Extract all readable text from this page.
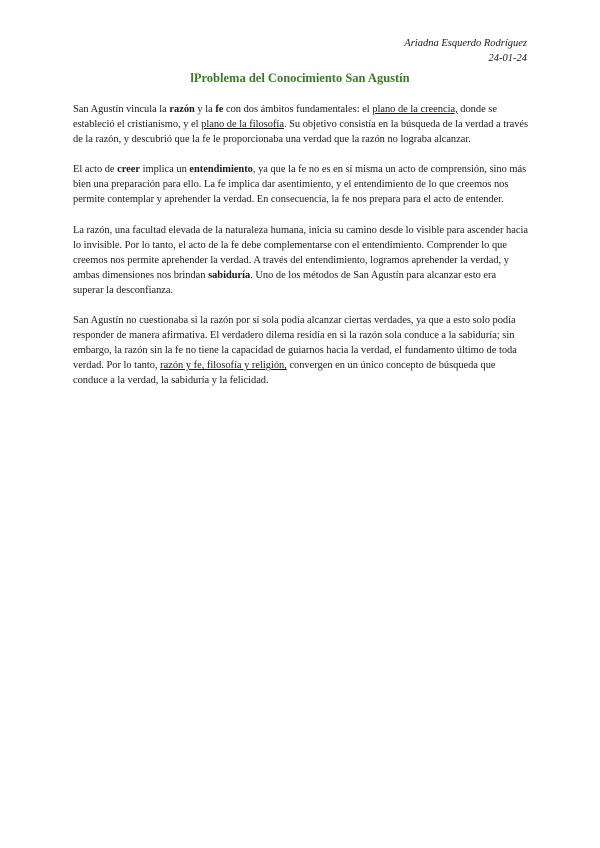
Ariadna Esquerdo Rodríguez
24-01-24
lProblema del Conocimiento San Agustín

San Agustín vincula la razón y la fe con dos ámbitos fundamentales: el plano de la creencia, donde se estableció el cristianismo, y el plano de la filosofía. Su objetivo consistía en la búsqueda de la verdad a través de la razón, y descubrió que la fe le proporcionaba una verdad que la razón no lograba alcanzar.

El acto de creer implica un entendimiento, ya que la fe no es en sí misma un acto de comprensión, sino más bien una preparación para ello. La fe implica dar asentimiento, y el entendimiento de lo que creemos nos permite contemplar y aprehender la verdad. En consecuencia, la fe nos prepara para el acto de entender.

La razón, una facultad elevada de la naturaleza humana, inicia su camino desde lo visible para ascender hacia lo invisible. Por lo tanto, el acto de la fe debe complementarse con el entendimiento. Comprender lo que creemos nos permite aprehender la verdad. A través del entendimiento, logramos aprehender la verdad, y ambas dimensiones nos brindan sabiduría. Uno de los métodos de San Agustín para alcanzar esto era superar la desconfianza.

San Agustín no cuestionaba si la razón por sí sola podía alcanzar ciertas verdades, ya que a esto solo podía responder de manera afirmativa. El verdadero dilema residía en si la razón sola conduce a la sabiduría; sin embargo, la razón sin la fe no tiene la capacidad de guiarnos hacia la verdad, el fundamento último de toda verdad. Por lo tanto, razón y fe, filosofía y religión, convergen en un único concepto de búsqueda que conduce a la verdad, la sabiduría y la felicidad.
